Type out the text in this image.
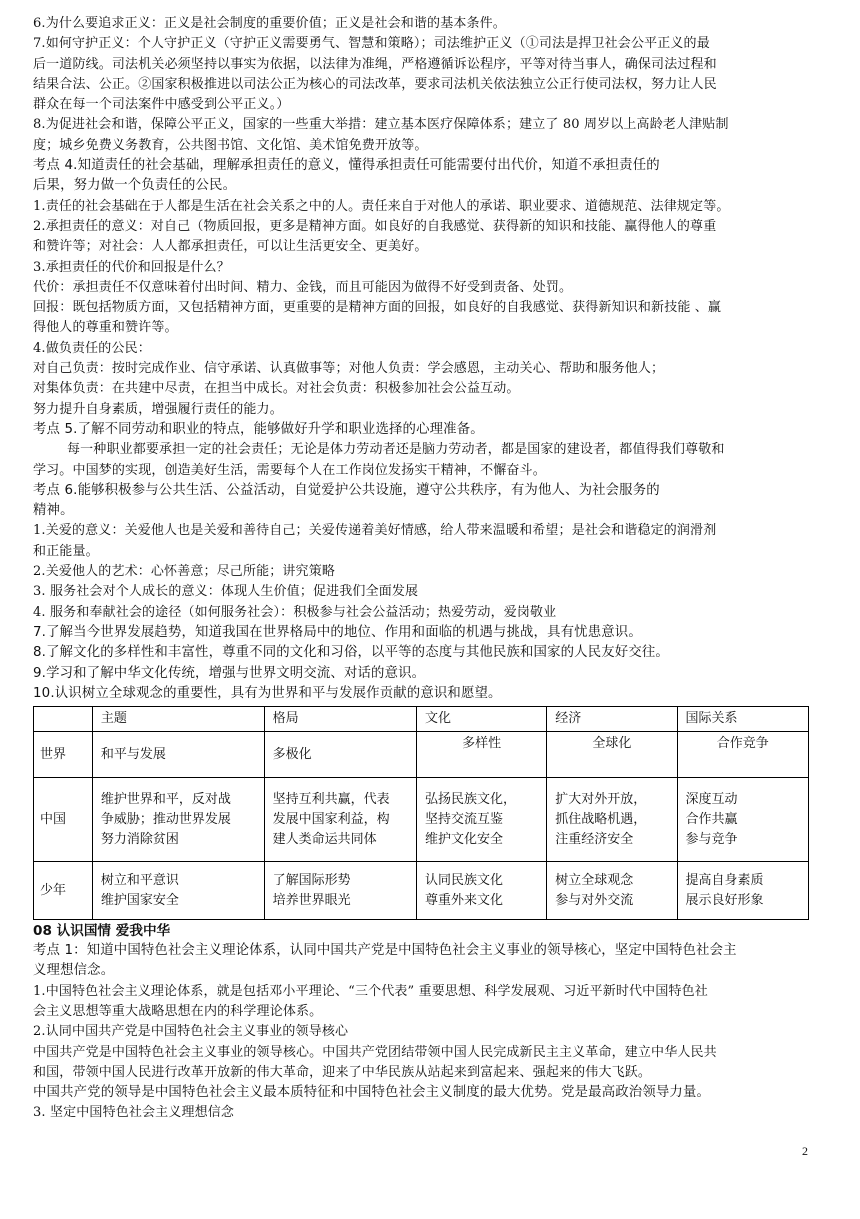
6.为什么要追求正义：正义是社会制度的重要价值；正义是社会和谐的基本条件。
7.如何守护正义：个人守护正义（守护正义需要勇气、智慧和策略）；司法维护正义（①司法是捍卫社会公平正义的最
后一道防线。司法机关必须坚持以事实为依据，以法律为准绳，严格遵循诉讼程序，平等对待当事人，确保司法过程和
结果合法、公正。②国家积极推进以司法公正为核心的司法改革，要求司法机关依法独立公正行使司法权，努力让人民
群众在每一个司法案件中感受到公平正义。）
8.为促进社会和谐，保障公平正义，国家的一些重大举措：建立基本医疗保障体系；建立了 80 周岁以上高龄老人津贴制
度；城乡免费义务教育，公共图书馆、文化馆、美术馆免费开放等。
考点 4.知道责任的社会基础，理解承担责任的意义，懂得承担责任可能需要付出代价，知道不承担责任的
后果，努力做一个负责任的公民。
1.责任的社会基础在于人都是生活在社会关系之中的人。责任来自于对他人的承诺、职业要求、道德规范、法律规定等。
2.承担责任的意义：对自己（物质回报，更多是精神方面。如良好的自我感觉、获得新的知识和技能、赢得他人的尊重
和赞许等；对社会：人人都承担责任，可以让生活更安全、更美好。
3.承担责任的代价和回报是什么？
代价：承担责任不仅意味着付出时间、精力、金钱，而且可能因为做得不好受到责备、处罚。
回报：既包括物质方面，又包括精神方面，更重要的是精神方面的回报，如良好的自我感觉、获得新知识和新技能 、赢
得他人的尊重和赞许等。
4.做负责任的公民：
对自己负责：按时完成作业、信守承诺、认真做事等；对他人负责：学会感恩，主动关心、帮助和服务他人；
对集体负责：在共建中尽责，在担当中成长。对社会负责：积极参加社会公益互动。
努力提升自身素质，增强履行责任的能力。
考点 5.了解不同劳动和职业的特点，能够做好升学和职业选择的心理准备。
每一种职业都要承担一定的社会责任；无论是体力劳动者还是脑力劳动者，都是国家的建设者，都值得我们尊敬和
学习。中国梦的实现，创造美好生活，需要每个人在工作岗位发扬实干精神，不懈奋斗。
考点 6.能够积极参与公共生活、公益活动，自觉爱护公共设施，遵守公共秩序，有为他人、为社会服务的
精神。
1.关爱的意义：关爱他人也是关爱和善待自己；关爱传递着美好情感，给人带来温暖和希望；是社会和谐稳定的润滑剂
和正能量。
2.关爱他人的艺术：心怀善意；尽己所能；讲究策略
3. 服务社会对个人成长的意义：体现人生价值；促进我们全面发展
4. 服务和奉献社会的途径（如何服务社会）：积极参与社会公益活动；热爱劳动，爱岗敬业
7.了解当今世界发展趋势，知道我国在世界格局中的地位、作用和面临的机遇与挑战，具有忧患意识。
8.了解文化的多样性和丰富性，尊重不同的文化和习俗，以平等的态度与其他民族和国家的人民友好交往。
9.学习和了解中华文化传统，增强与世界文明交流、对话的意识。
10.认识树立全球观念的重要性，具有为世界和平与发展作贡献的意识和愿望。
	主题	格局	文化	经济	国际关系
世界	和平与发展	多极化	多样性	全球化	合作竞争
中国	维护世界和平，反对战
争威胁；推动世界发展
努力消除贫困	坚持互利共赢，代表
发展中国家利益，构
建人类命运共同体	弘扬民族文化，
坚持交流互鉴
维护文化安全	扩大对外开放，
抓住战略机遇，
注重经济安全	深度互动
合作共赢
参与竞争
少年	树立和平意识
维护国家安全	了解国际形势
培养世界眼光	认同民族文化
尊重外来文化	树立全球观念
参与对外交流	提高自身素质
展示良好形象
08 认识国情 爱我中华
考点 1：知道中国特色社会主义理论体系，认同中国共产党是中国特色社会主义事业的领导核心，坚定中国特色社会主
义理想信念。
1.中国特色社会主义理论体系，就是包括邓小平理论、“三个代表” 重要思想、科学发展观、习近平新时代中国特色社
会主义思想等重大战略思想在内的科学理论体系。
2.认同中国共产党是中国特色社会主义事业的领导核心
中国共产党是中国特色社会主义事业的领导核心。中国共产党团结带领中国人民完成新民主主义革命，建立中华人民共
和国，带领中国人民进行改革开放新的伟大革命，迎来了中华民族从站起来到富起来、强起来的伟大飞跃。
中国共产党的领导是中国特色社会主义最本质特征和中国特色社会主义制度的最大优势。党是最高政治领导力量。
3. 坚定中国特色社会主义理想信念
2
